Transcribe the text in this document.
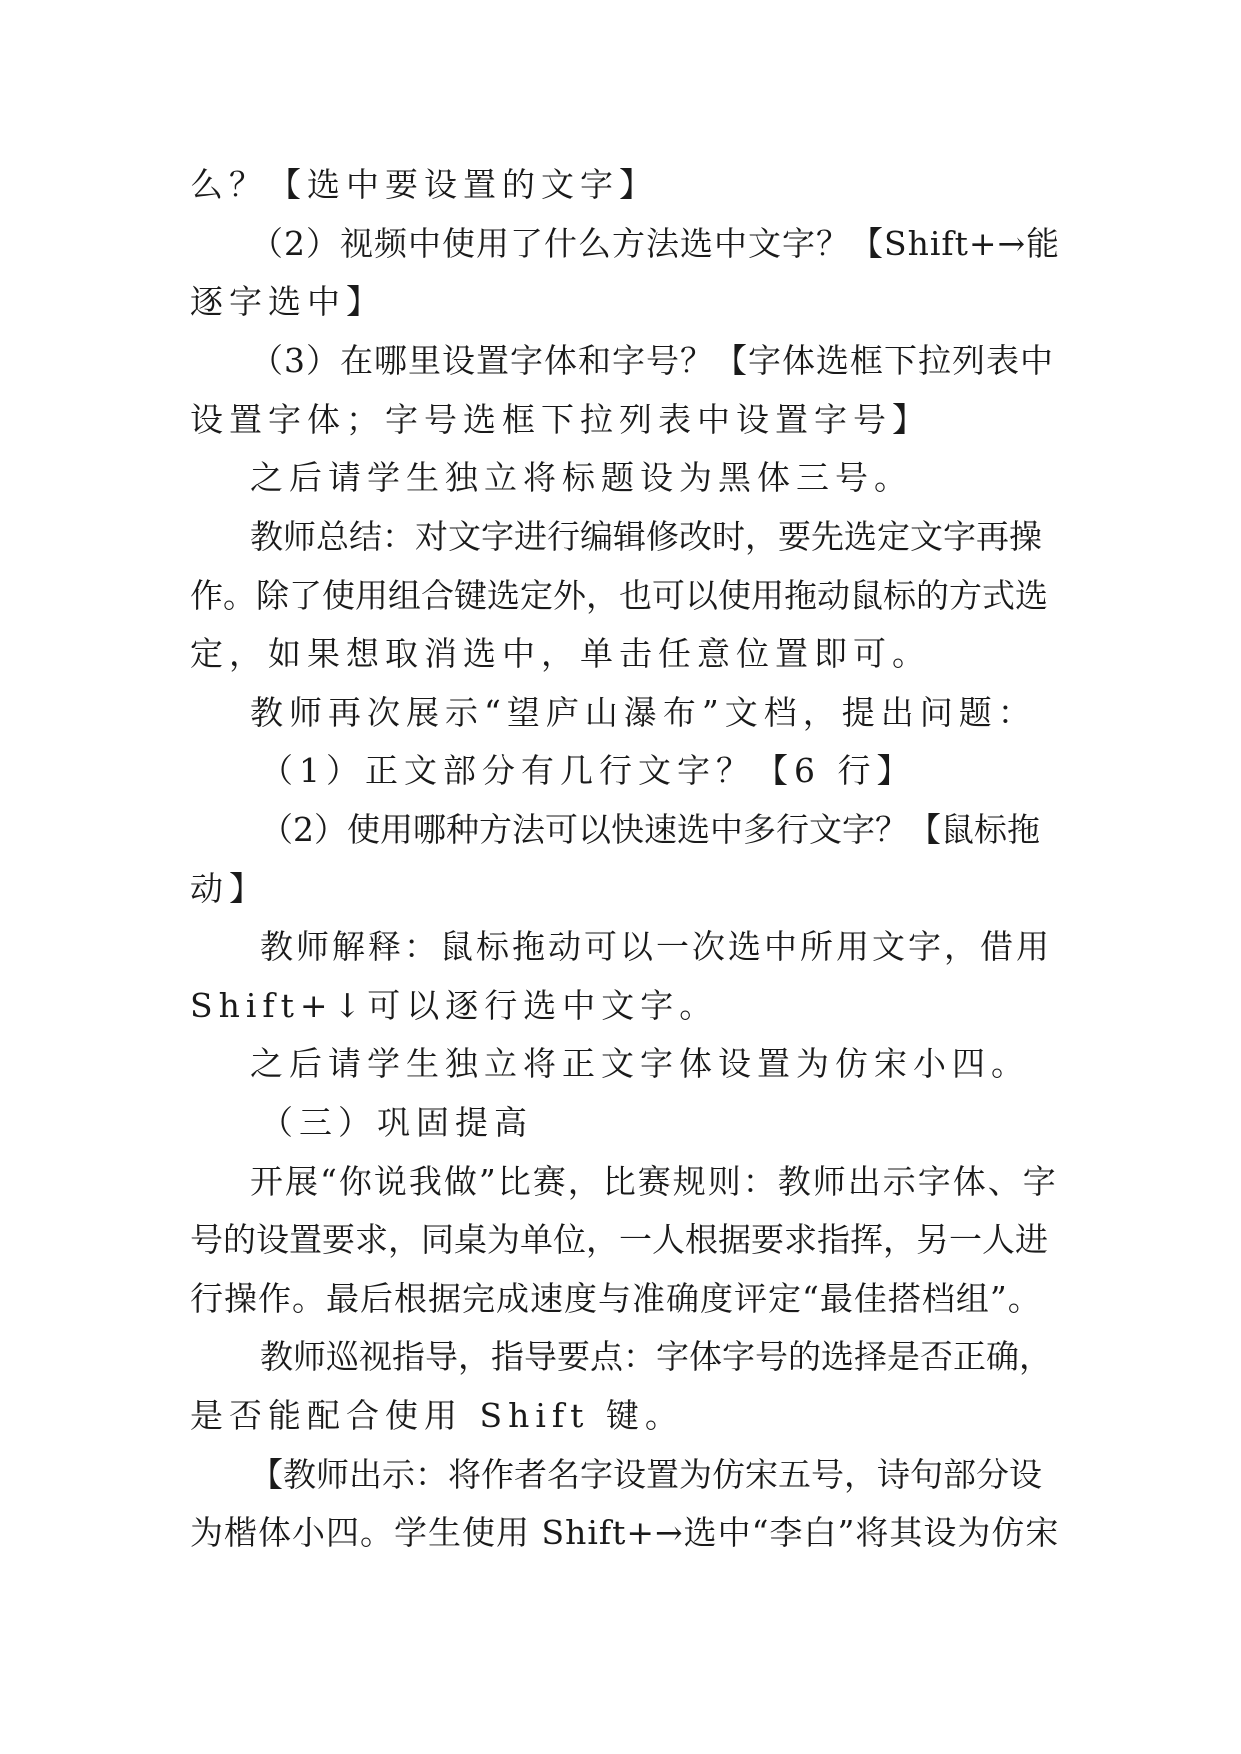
么？【选中要设置的文字】
（2）视频中使用了什么方法选中文字？【Shift+→能
逐字选中】
（3）在哪里设置字体和字号？【字体选框下拉列表中
设置字体；字号选框下拉列表中设置字号】
之后请学生独立将标题设为黑体三号。
教师总结：对文字进行编辑修改时，要先选定文字再操
作。除了使用组合键选定外，也可以使用拖动鼠标的方式选
定，如果想取消选中，单击任意位置即可。
教师再次展示“望庐山瀑布”文档，提出问题：
（1）正文部分有几行文字？【6 行】
（2）使用哪种方法可以快速选中多行文字？【鼠标拖
动】
教师解释：鼠标拖动可以一次选中所用文字，借用
Shift+↓可以逐行选中文字。
之后请学生独立将正文字体设置为仿宋小四。
（三）巩固提高
开展“你说我做”比赛，比赛规则：教师出示字体、字
号的设置要求，同桌为单位，一人根据要求指挥，另一人进
行操作。最后根据完成速度与准确度评定“最佳搭档组”。
教师巡视指导，指导要点：字体字号的选择是否正确，
是否能配合使用 Shift 键。
【教师出示：将作者名字设置为仿宋五号，诗句部分设
为楷体小四。学生使用 Shift+→选中“李白”将其设为仿宋
